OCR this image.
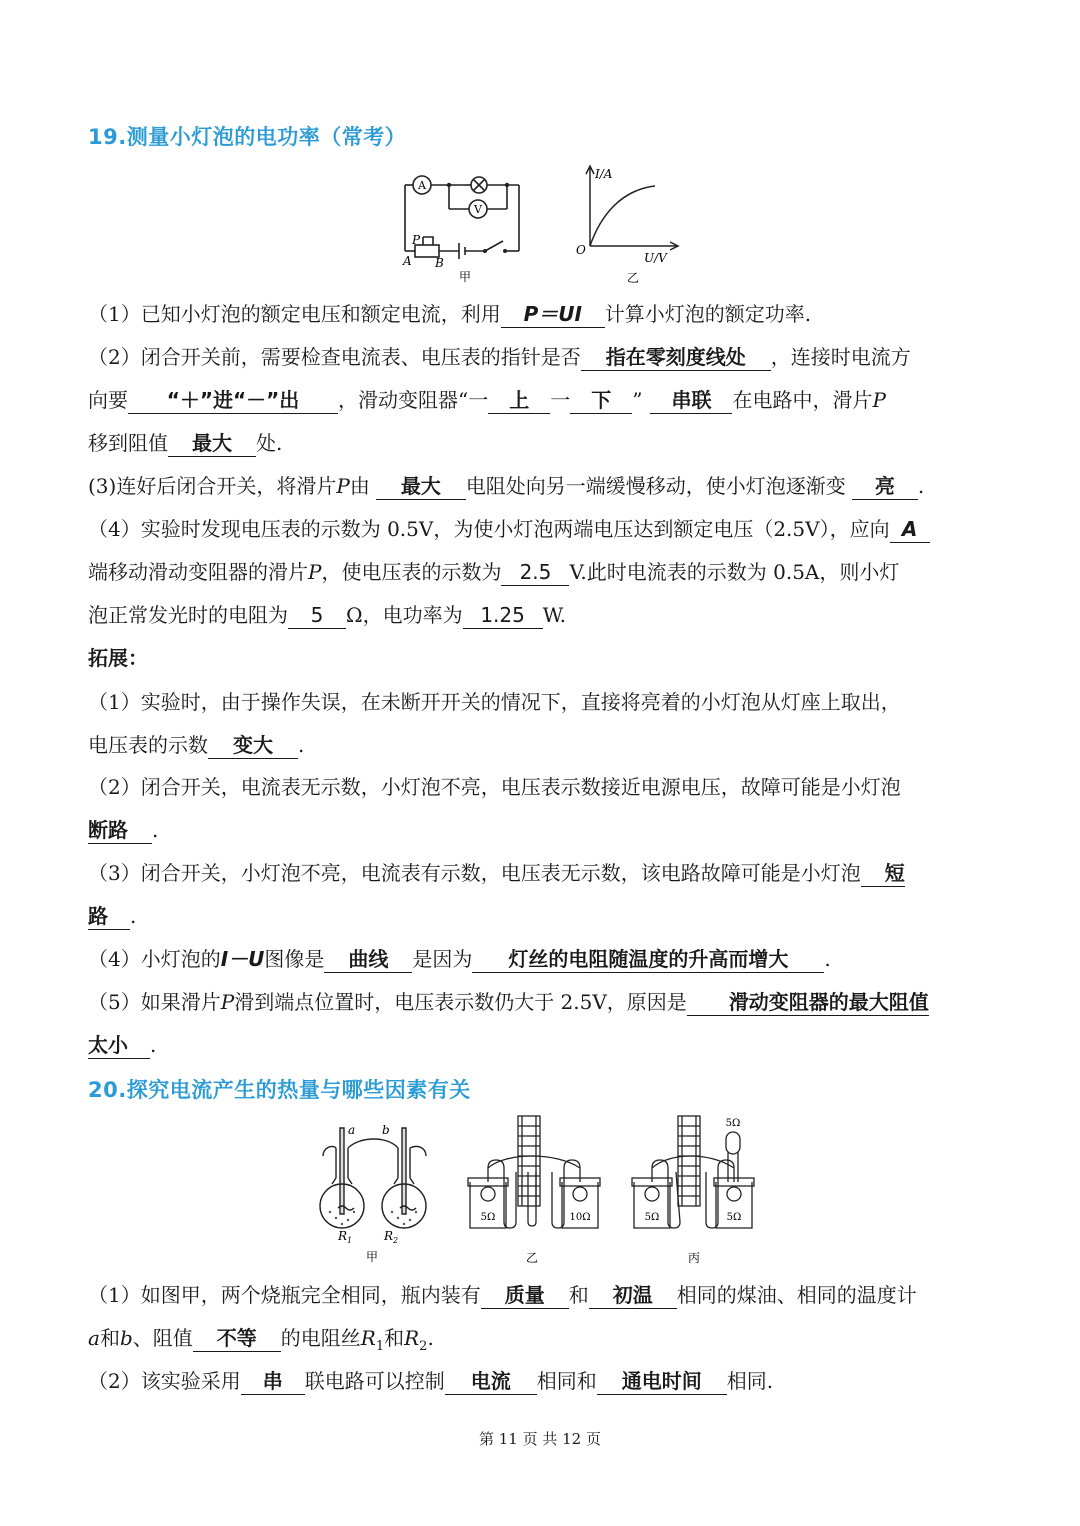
19.测量小灯泡的电功率（常考）
A
V
P
A B
甲
I/A
U/V
O
乙
（1）已知小灯泡的额定电压和额定电流，利用 P＝UI 计算小灯泡的额定功率.
（2）闭合开关前，需要检查电流表、电压表的指针是否 指在零刻度线处 ，连接时电流方
向要 “＋”进“－”出 ，滑动变阻器“一 上 一 下 ” 串联 在电路中，滑片P
移到阻值 最大 处.
(3)连好后闭合开关，将滑片P由 最大 电阻处向另一端缓慢移动，使小灯泡逐渐变 亮 .
（4）实验时发现电压表的示数为 0.5V，为使小灯泡两端电压达到额定电压（2.5V），应向 A
端移动滑动变阻器的滑片P，使电压表的示数为 2.5 V.此时电流表的示数为 0.5A，则小灯
泡正常发光时的电阻为 5 Ω，电功率为 1.25 W.
拓展：
（1）实验时，由于操作失误，在未断开开关的情况下，直接将亮着的小灯泡从灯座上取出，
电压表的示数 变大 .
（2）闭合开关，电流表无示数，小灯泡不亮，电压表示数接近电源电压，故障可能是小灯泡
断路 .
（3）闭合开关，小灯泡不亮，电流表有示数，电压表无示数，该电路故障可能是小灯泡 短
路 .
（4）小灯泡的I－U图像是 曲线 是因为 灯丝的电阻随温度的升高而增大 .
（5）如果滑片P滑到端点位置时，电压表示数仍大于 2.5V，原因是 滑动变阻器的最大阻值
太小 .
20.探究电流产生的热量与哪些因素有关
a b
$R_1$	$R_2$
甲
5Ω	10Ω
乙
5Ω	5Ω
5Ω
丙
（1）如图甲，两个烧瓶完全相同，瓶内装有 质量 和 初温 相同的煤油、相同的温度计
a和b、阻值 不等 的电阻丝$R_1$和$R_2$.
（2）该实验采用 串 联电路可以控制 电流 相同和 通电时间 相同.
第 11 页 共 12 页
